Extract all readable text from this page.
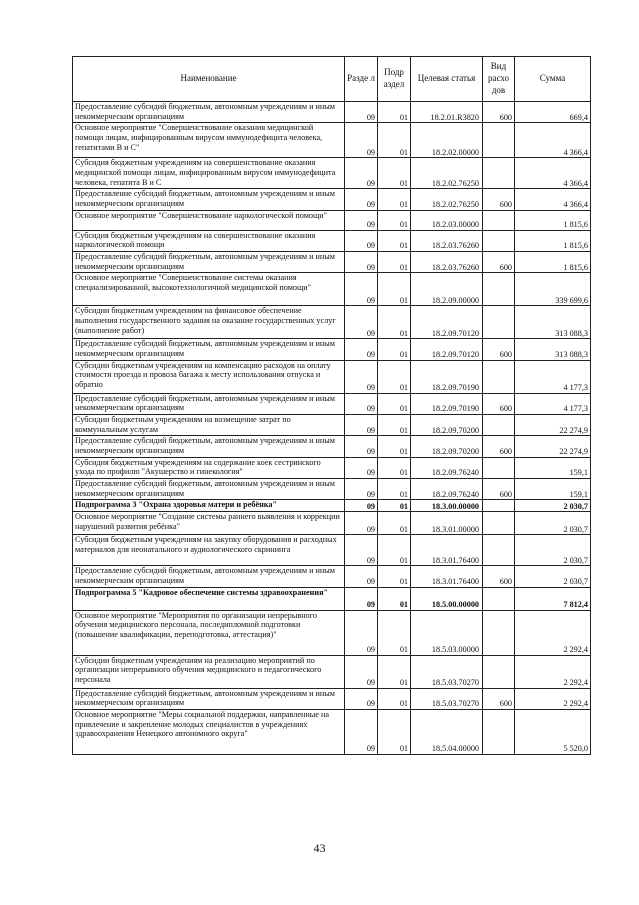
Наименование	Разде л	Подр аздел	Целевая статья	Вид расхо дов	Сумма
Предоставление субсидий бюджетным, автономным учреждениям и иным некоммерческим организациям	09	01	18.2.01.R3820	600	669,4
Основное мероприятие "Совершенствование оказания медицинской помощи лицам, инфицированным вирусом иммунодефицита человека, гепатитами В и С"	09	01	18.2.02.00000		4 366,4
Субсидия бюджетным учреждениям на совершенствование оказания медицинской помощи лицам, инфицированным вирусом иммунодефицита человека, гепатита В и С	09	01	18.2.02.76250		4 366,4
Предоставление субсидий бюджетным, автономным учреждениям и иным некоммерческим организациям	09	01	18.2.02.76250	600	4 366,4
Основное мероприятие "Совершенствование наркологической помощи"	09	01	18.2.03.00000		1 815,6
Субсидия бюджетным учреждениям на совершенствование оказания наркологической помощи	09	01	18.2.03.76260		1 815,6
Предоставление субсидий бюджетным, автономным учреждениям и иным некоммерческим организациям	09	01	18.2.03.76260	600	1 815,6
Основное мероприятие "Совершенствование системы оказания специализированной, высокотехнологичной медицинской помощи"	09	01	18.2.09.00000		339 699,6
Субсидии бюджетным учреждениям на финансовое обеспечение выполнения государственного задания на оказание государственных услуг (выполнение работ)	09	01	18.2.09.70120		313 088,3
Предоставление субсидий бюджетным, автономным учреждениям и иным некоммерческим организациям	09	01	18.2.09.70120	600	313 088,3
Субсидии бюджетным учреждениям на компенсацию расходов на оплату стоимости проезда и провоза багажа к месту использования отпуска и обратно	09	01	18.2.09.70190		4 177,3
Предоставление субсидий бюджетным, автономным учреждениям и иным некоммерческим организациям	09	01	18.2.09.70190	600	4 177,3
Субсидии бюджетным учреждениям на возмещение затрат по коммунальным услугам	09	01	18.2.09.70200		22 274,9
Предоставление субсидий бюджетным, автономным учреждениям и иным некоммерческим организациям	09	01	18.2.09.70200	600	22 274,9
Субсидия бюджетным учреждениям на содержание коек сестринского ухода по профилю "Акушерство и гинекология"	09	01	18.2.09.76240		159,1
Предоставление субсидий бюджетным, автономным учреждениям и иным некоммерческим организациям	09	01	18.2.09.76240	600	159,1
Подпрограмма 3 "Охрана здоровья матери и ребёнка"	09	01	18.3.00.00000		2 030,7
Основное мероприятие "Создание системы раннего выявления и коррекции нарушений развития ребёнка"	09	01	18.3.01.00000		2 030,7
Субсидия бюджетным учреждениям на закупку оборудования и расходных материалов для неонатального и аудиологического скрининга	09	01	18.3.01.76400		2 030,7
Предоставление субсидий бюджетным, автономным учреждениям и иным некоммерческим организациям	09	01	18.3.01.76400	600	2 030,7
Подпрограмма 5 "Кадровое обеспечение системы здравоохранения"	09	01	18.5.00.00000		7 812,4
Основное мероприятие "Мероприятия по организации непрерывного обучения медицинского персонала, последипломной подготовки (повышение квалификации, переподготовка, аттестация)"	09	01	18.5.03.00000		2 292,4
Субсидии бюджетным учреждениям на реализацию мероприятий по организации непрерывного обучения медицинского и педагогического персонала	09	01	18.5.03.70270		2 292,4
Предоставление субсидий бюджетным, автономным учреждениям и иным некоммерческим организациям	09	01	18.5.03.70270	600	2 292,4
Основное мероприятие "Меры социальной поддержки, направленные на привлечение и закрепление молодых специалистов в учреждениях здравоохранения Ненецкого автономного округа"	09	01	18.5.04.00000		5 520,0
43
